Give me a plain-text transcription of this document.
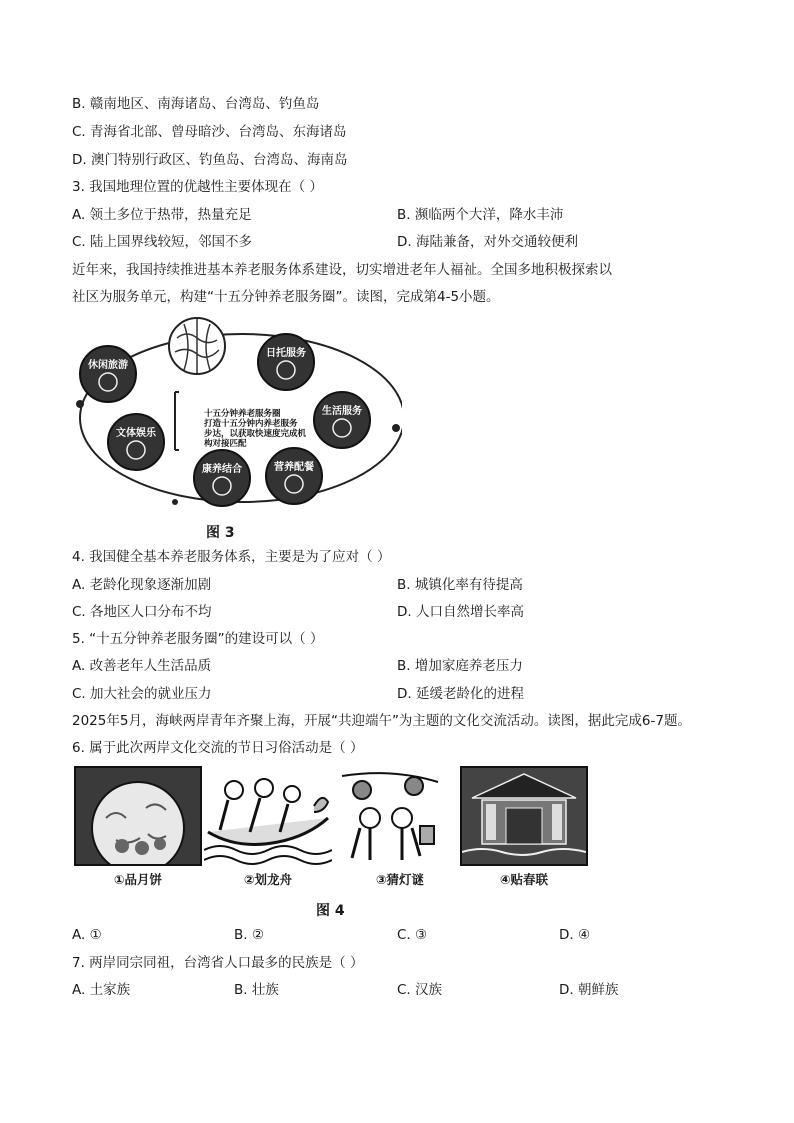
B. 赣南地区、南海诸岛、台湾岛、钓鱼岛
C. 青海省北部、曾母暗沙、台湾岛、东海诸岛
D. 澳门特别行政区、钓鱼岛、台湾岛、海南岛
3. 我国地理位置的优越性主要体现在（ ）
A. 领土多位于热带，热量充足	B. 濒临两个大洋，降水丰沛
C. 陆上国界线较短，邻国不多	D. 海陆兼备，对外交通较便利
近年来，我国持续推进基本养老服务体系建设，切实增进老年人福祉。全国多地积极探索以
社区为服务单元，构建“十五分钟养老服务圈”。读图，完成第4-5小题。
十五分钟养老服务圈
打造十五分钟内养老服务
步达，以获取快速度完成机
构对接匹配
休闲旅游
日托服务
生活服务
营养配餐
康养结合
文体娱乐
图 3
4. 我国健全基本养老服务体系，主要是为了应对（ ）
A. 老龄化现象逐渐加剧	B. 城镇化率有待提高
C. 各地区人口分布不均	D. 人口自然增长率高
5. “十五分钟养老服务圈”的建设可以（ ）
A. 改善老年人生活品质	B. 增加家庭养老压力
C. 加大社会的就业压力	D. 延缓老龄化的进程
2025年5月，海峡两岸青年齐聚上海，开展“共迎端午”为主题的文化交流活动。读图，据此完成6-7题。
6. 属于此次两岸文化交流的节日习俗活动是（ ）
①品月饼	②划龙舟	③猜灯谜	④贴春联
图 4
A. ①	B. ②	C. ③	D. ④
7. 两岸同宗同祖，台湾省人口最多的民族是（ ）
A. 土家族	B. 壮族	C. 汉族	D. 朝鲜族
